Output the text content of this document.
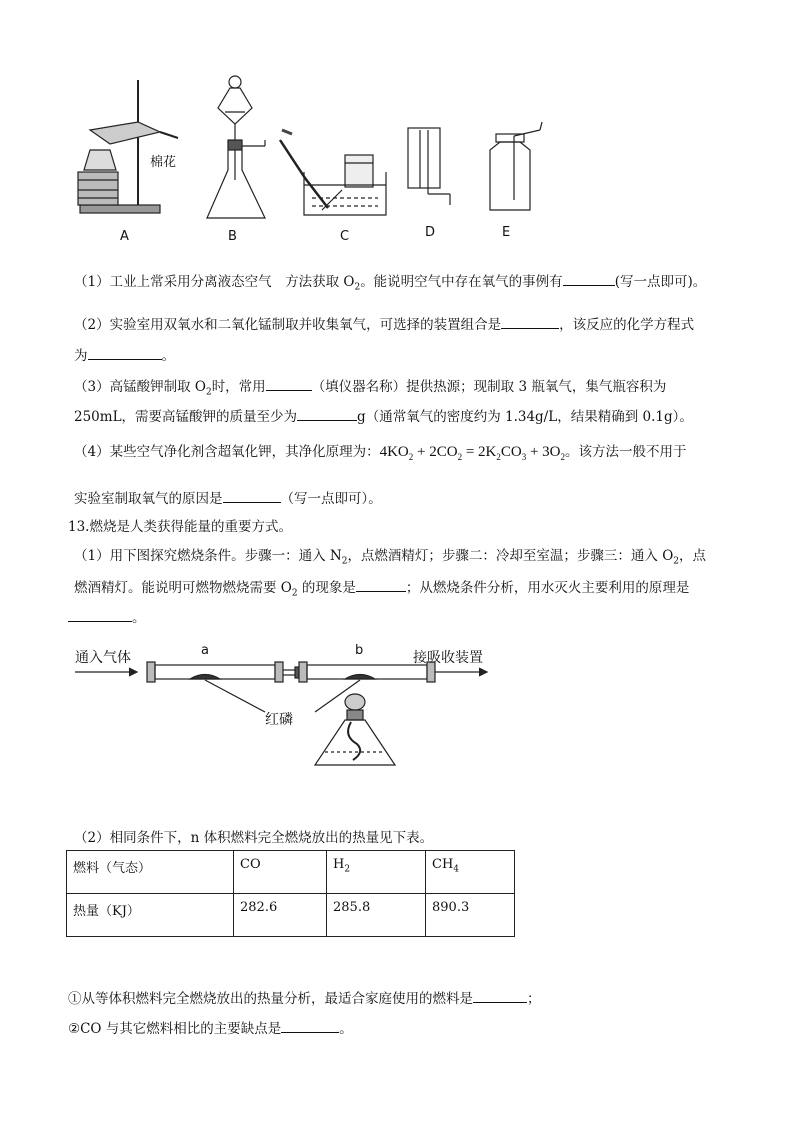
棉花
A	B	C	D	E
（1）工业上常采用分离液态空气　方法获取 $O_2$。能说明空气中存在氧气的事例有	(写一点即可)。
（2）实验室用双氧水和二氧化锰制取并收集氧气，可选择的装置组合是	，该反应的化学方程式
为	。
（3）高锰酸钾制取 $O_2$时，常用	（填仪器名称）提供热源；现制取 3 瓶氧气，集气瓶容积为
250mL，需要高锰酸钾的质量至少为	g（通常氧气的密度约为 1.34g/L，结果精确到 0.1g）。
（4）某些空气净化剂含超氧化钾，其净化原理为：$4KO_2 + 2CO_2 = 2K_2CO_3 + 3O_2$。该方法一般不用于
实验室制取氧气的原因是	（写一点即可）。
13.燃烧是人类获得能量的重要方式。
（1）用下图探究燃烧条件。步骤一：通入 $N_2$，点燃酒精灯；步骤二：冷却至室温；步骤三：通入 $O_2$，点
燃酒精灯。能说明可燃物燃烧需要 $O_2$ 的现象是	；从燃烧条件分析，用水灭火主要利用的原理是
。
通入气体	a	b	接吸收装置
红磷
（2）相同条件下，n 体积燃料完全燃烧放出的热量见下表。
燃料（气态）	CO	$H_2$	$CH_4$
热量（KJ）	282.6	285.8	890.3
①从等体积燃料完全燃烧放出的热量分析，最适合家庭使用的燃料是	；
②CO 与其它燃料相比的主要缺点是	。
